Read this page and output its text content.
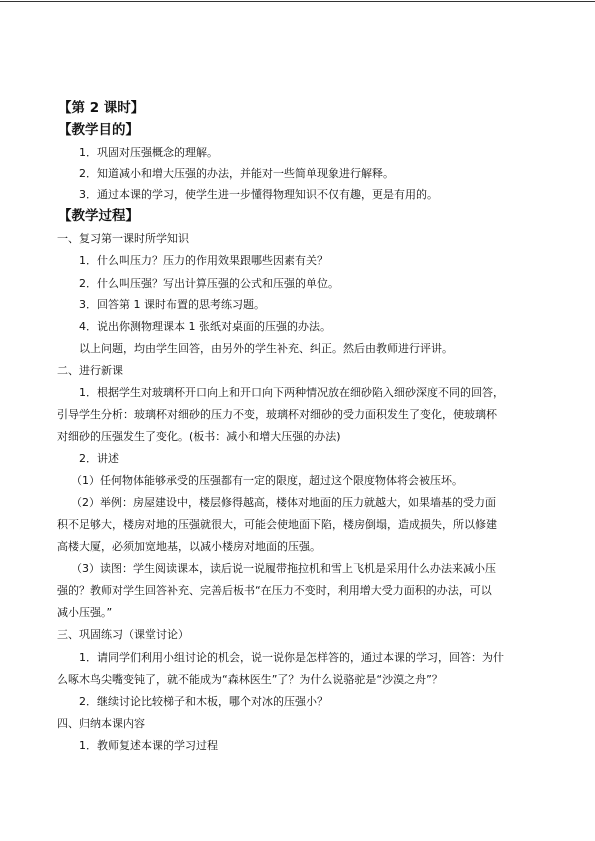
【第 2 课时】
【教学目的】
1．巩固对压强概念的理解。
2．知道减小和增大压强的办法，并能对一些简单现象进行解释。
3．通过本课的学习，使学生进一步懂得物理知识不仅有趣，更是有用的。
【教学过程】
一、复习第一课时所学知识
1．什么叫压力？压力的作用效果跟哪些因素有关？
2．什么叫压强？写出计算压强的公式和压强的单位。
3．回答第 1 课时布置的思考练习题。
4．说出你测物理课本 1 张纸对桌面的压强的办法。
以上问题，均由学生回答，由另外的学生补充、纠正。然后由教师进行评讲。
二、进行新课
1．根据学生对玻璃杯开口向上和开口向下两种情况放在细砂陷入细砂深度不同的回答，
引导学生分析：玻璃杯对细砂的压力不变，玻璃杯对细砂的受力面积发生了变化，使玻璃杯
对细砂的压强发生了变化。(板书：减小和增大压强的办法)
2．讲述
（1）任何物体能够承受的压强都有一定的限度，超过这个限度物体将会被压坏。
（2）举例：房屋建设中，楼层修得越高，楼体对地面的压力就越大，如果墙基的受力面
积不足够大，楼房对地的压强就很大，可能会使地面下陷，楼房倒塌，造成损失，所以修建
高楼大厦，必须加宽地基，以减小楼房对地面的压强。
（3）读图：学生阅读课本，读后说一说履带拖拉机和雪上飞机是采用什么办法来减小压
强的？教师对学生回答补充、完善后板书“在压力不变时，利用增大受力面积的办法，可以
减小压强。”
三、巩固练习（课堂讨论）
1．请同学们利用小组讨论的机会，说一说你是怎样答的，通过本课的学习，回答：为什
么啄木鸟尖嘴变钝了，就不能成为“森林医生”了？为什么说骆驼是“沙漠之舟”？
2．继续讨论比较梯子和木板，哪个对冰的压强小？
四、归纳本课内容
1．教师复述本课的学习过程
